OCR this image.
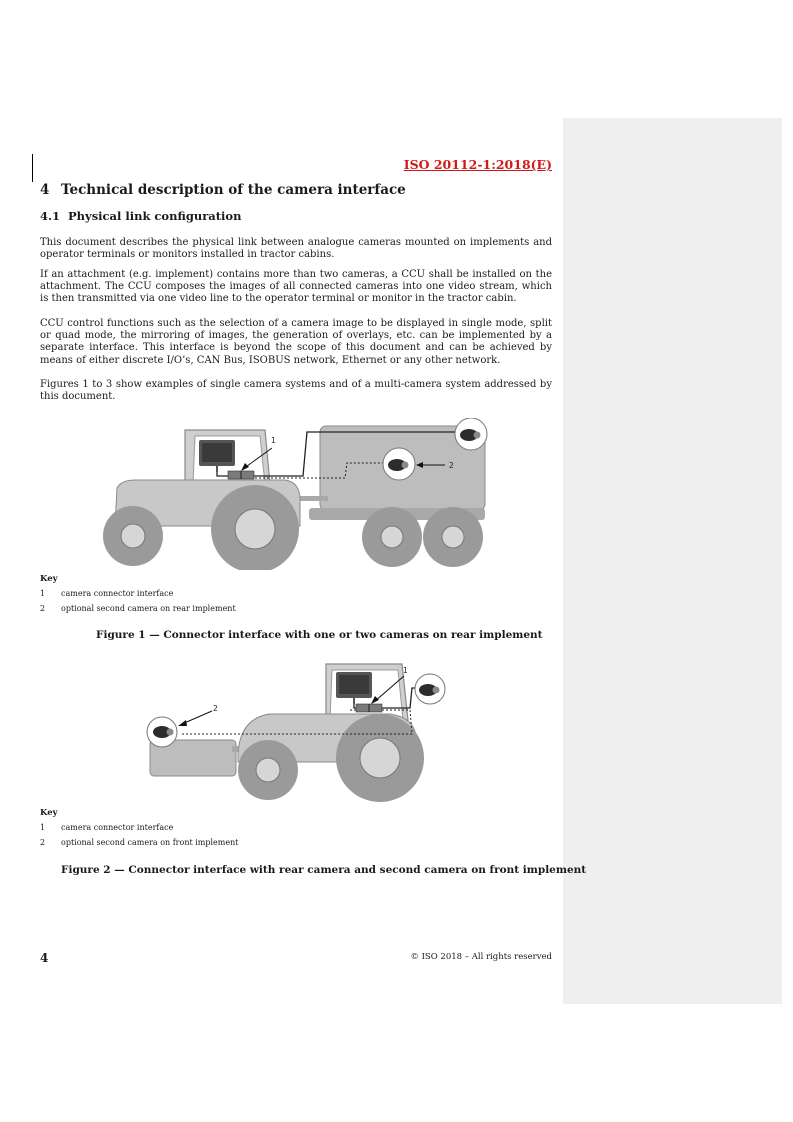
ISO 20112-1:2018(E)
4 Technical description of the camera interface
4.1 Physical link configuration

This document describes the physical link between analogue cameras mounted on implements and operator terminals or monitors installed in tractor cabins.

If an attachment (e.g. implement) contains more than two cameras, a CCU shall be installed on the attachment. The CCU composes the images of all connected cameras into one video stream, which is then transmitted via one video line to the operator terminal or monitor in the tractor cabin.

CCU control functions such as the selection of a camera image to be displayed in single mode, split or quad mode, the mirroring of images, the generation of overlays, etc. can be implemented by a separate interface. This interface is beyond the scope of this document and can be achieved by means of either discrete I/O’s, CAN Bus, ISOBUS network, Ethernet or any other network.

Figures 1 to 3 show examples of single camera systems and of a multi-camera system addressed by this document.

1
2
Key
1 camera connector interface
2 optional second camera on rear implement
Figure 1 — Connector interface with one or two cameras on rear implement
1
2
Key
1 camera connector interface
2 optional second camera on front implement
Figure 2 — Connector interface with rear camera and second camera on front implement
4	© ISO 2018 – All rights reserved
